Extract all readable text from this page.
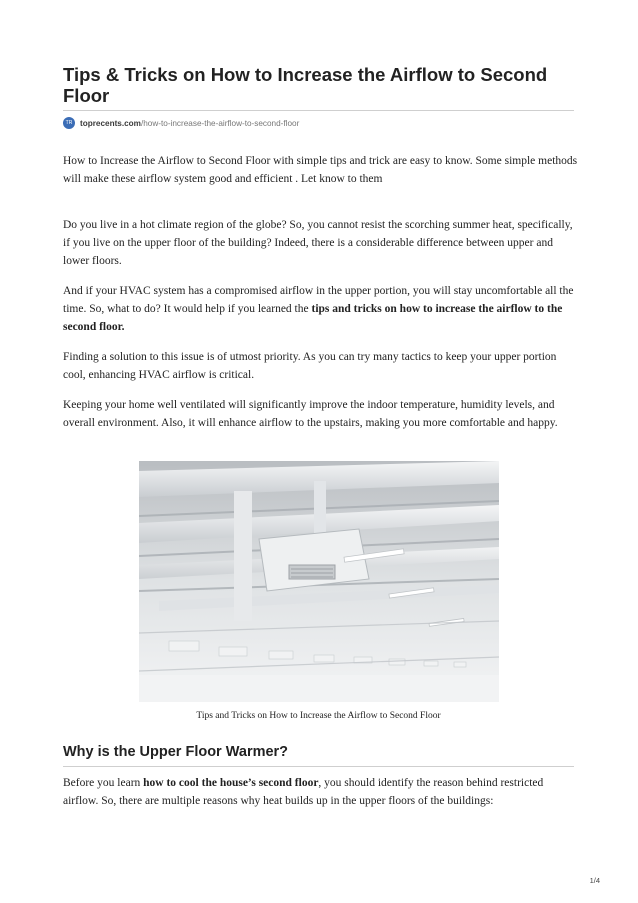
Tips & Tricks on How to Increase the Airflow to Second Floor
TR toprecents.com/how-to-increase-the-airflow-to-second-floor

How to Increase the Airflow to Second Floor with simple tips and trick are easy to know. Some simple methods will make these airflow system good and efficient . Let know to them

Do you live in a hot climate region of the globe? So, you cannot resist the scorching summer heat, specifically, if you live on the upper floor of the building? Indeed, there is a considerable difference between upper and lower floors.

And if your HVAC system has a compromised airflow in the upper portion, you will stay uncomfortable all the time. So, what to do? It would help if you learned the tips and tricks on how to increase the airflow to the second floor.

Finding a solution to this issue is of utmost priority. As you can try many tactics to keep your upper portion cool, enhancing HVAC airflow is critical.

Keeping your home well ventilated will significantly improve the indoor temperature, humidity levels, and overall environment. Also, it will enhance airflow to the upstairs, making you more comfortable and happy.

Tips and Tricks on How to Increase the Airflow to Second Floor
Why is the Upper Floor Warmer?

Before you learn how to cool the house’s second floor, you should identify the reason behind restricted airflow. So, there are multiple reasons why heat builds up in the upper floors of the buildings:

1/4
